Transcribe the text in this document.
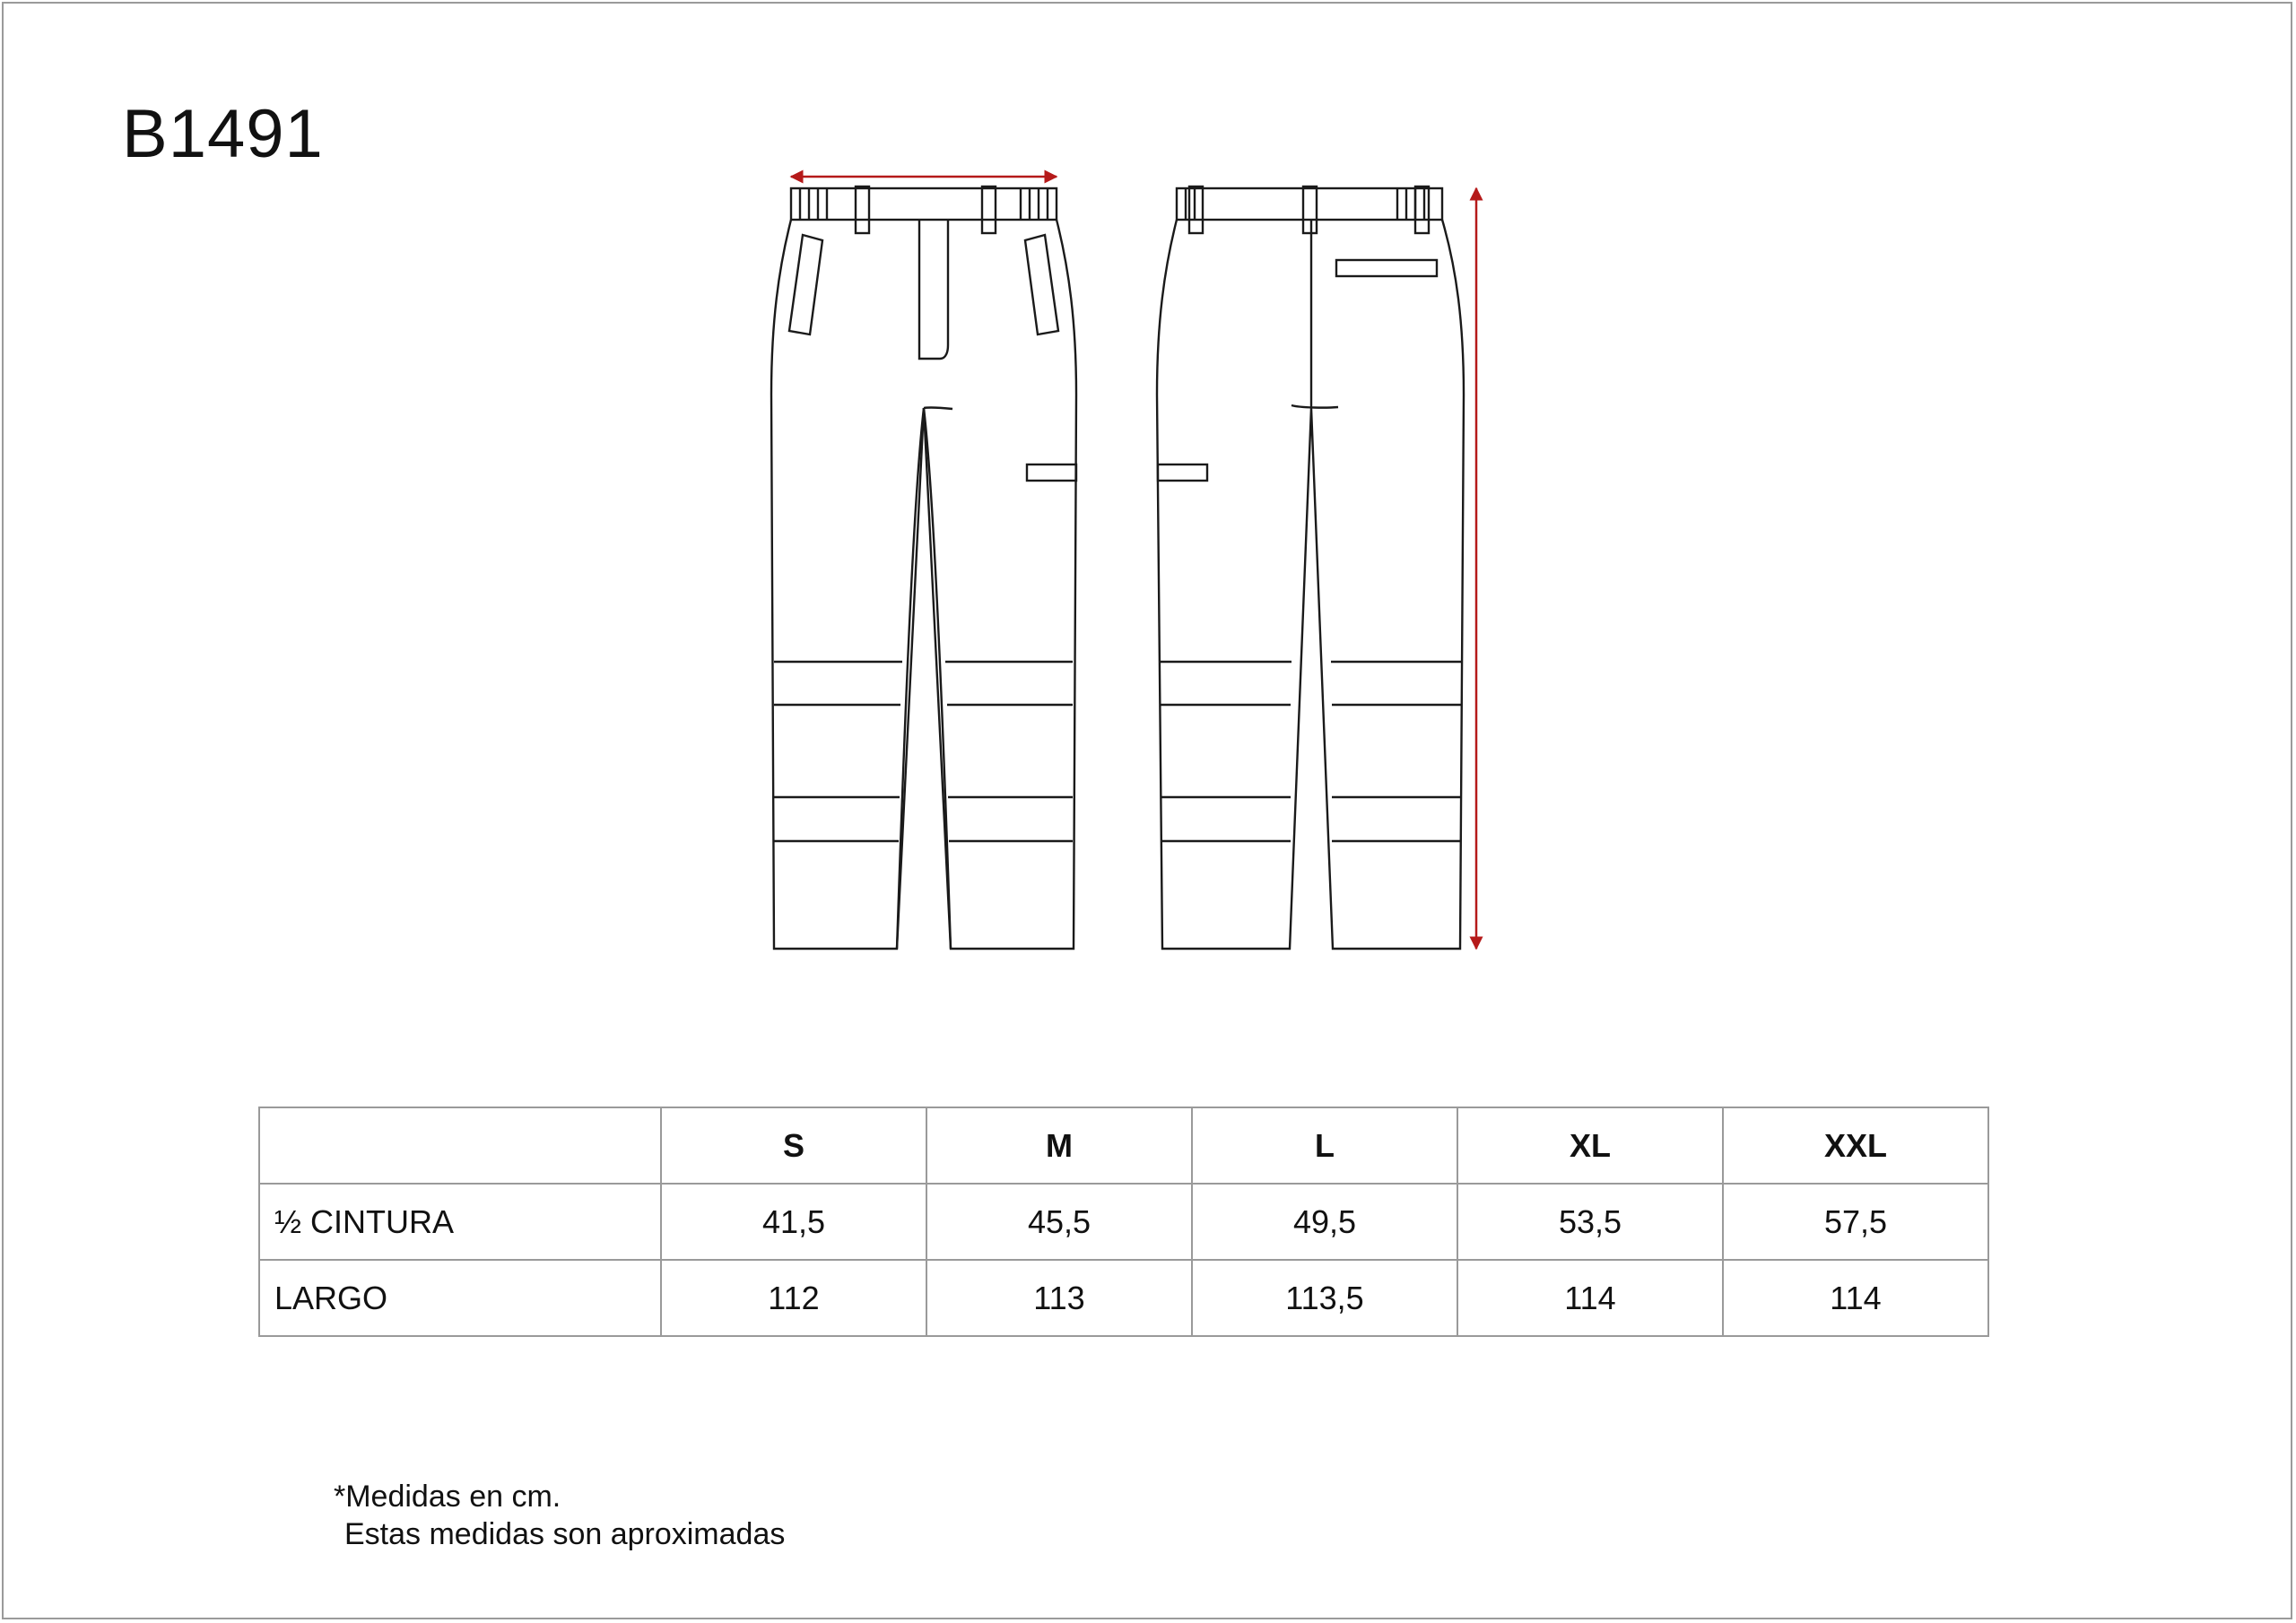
B1491
	S	M	L	XL	XXL
½ CINTURA	41,5	45,5	49,5	53,5	57,5
LARGO	112	113	113,5	114	114
*Medidas en cm.
Estas medidas son aproximadas
